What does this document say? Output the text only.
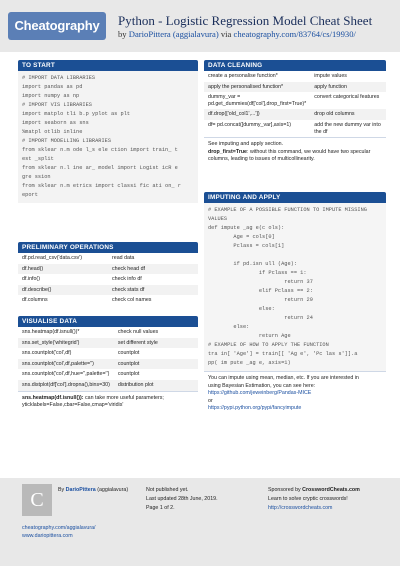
Cheatography	Python - Logistic Regression Model Cheat Sheet
by DarioPittera (aggialavura) via cheatography.com/83764/cs/19930/
TO START
# IMPORT DATA LIBRARIES
import pandas as pd
import numpy as np
# IMPORT VIS LIBRARIES
import matplo tli b.p yplot as plt
import seaborn as sns
%matpl otlib inline
# IMPORT MODELLING LIBRARIES
from sklear n.m ode l_s ele ction import train_ t
est _split
from sklear n.l ine ar_ model import Logist icR e
gre ssion
from sklear n.m etrics import classi fic ati on_ r
eport
PRELIMINARY OPERATIONS
df.pd.read_csv('data.csv')	read data
df.head()	check head df
df.info()	check info df
df.describe()	check stats df
df.columns	check col names
VISUALISE DATA
sns.heatmap(df.isnull())*	check null values
sns.set_style('whitegrid')	set different style
sns.countplot('col',df)	countplot
sns.countplot('col',df,palette='')	countplot
sns.countplot('col',df,hue='',palette='')	countplot
sns.distplot(df['col'].dropna(),bins=30)	distribution plot
sns.heatmap(df.isnull()): can take more useful parameters;
yticklabels=False,cbar=False,cmap='viridis'
DATA CLEANING
create a personalise function*	impute values
apply the personalised function*	apply function
dummy_var = pd.get_dummies(df['col'],drop_first=True)*	convert categorical features
df.drop(['old_col1',...'])	drop old columns
df= pd.concat([dummy_var],axis=1)	add the new dummy var into the df
See imputing and apply section.
drop_first=True: without this command, we would have two specular columns, leading to issues of multicollinearity.
IMPUTING AND APPLY
# EXAMPLE OF A POSSIBLE FUNCTION TO IMPUTE MISSING
VALUES
def impute _ag e(c ols):
Age = cols[0]
Pclass = cols[1]
if pd.isn ull (Age):
if Pclass == 1:
return 37
elif Pclass == 2:
return 29
else:
return 24
else:
return Age
# EXAMPLE OF HOW TO APPLY THE FUNCTION
tra in[ 'Age'] = train[[ 'Ag e', 'Pc las s']].a
pp( im pute _ag e, axis=1)
You can impute using mean, median, etc. If you are interested in
using Bayesian Estimation, you can see here:
https://github.com/jeweinberg/Pandas-MICE
or
https://pypi.python.org/pypi/fancyimpute
C	By DarioPittera (aggialavura)
cheatography.com/aggialavura/
www.dariopittera.com
Not published yet.
Last updated 28th June, 2019.
Page 1 of 2.
Sponsored by CrosswordCheats.com
Learn to solve cryptic crosswords!
http://crosswordcheats.com
